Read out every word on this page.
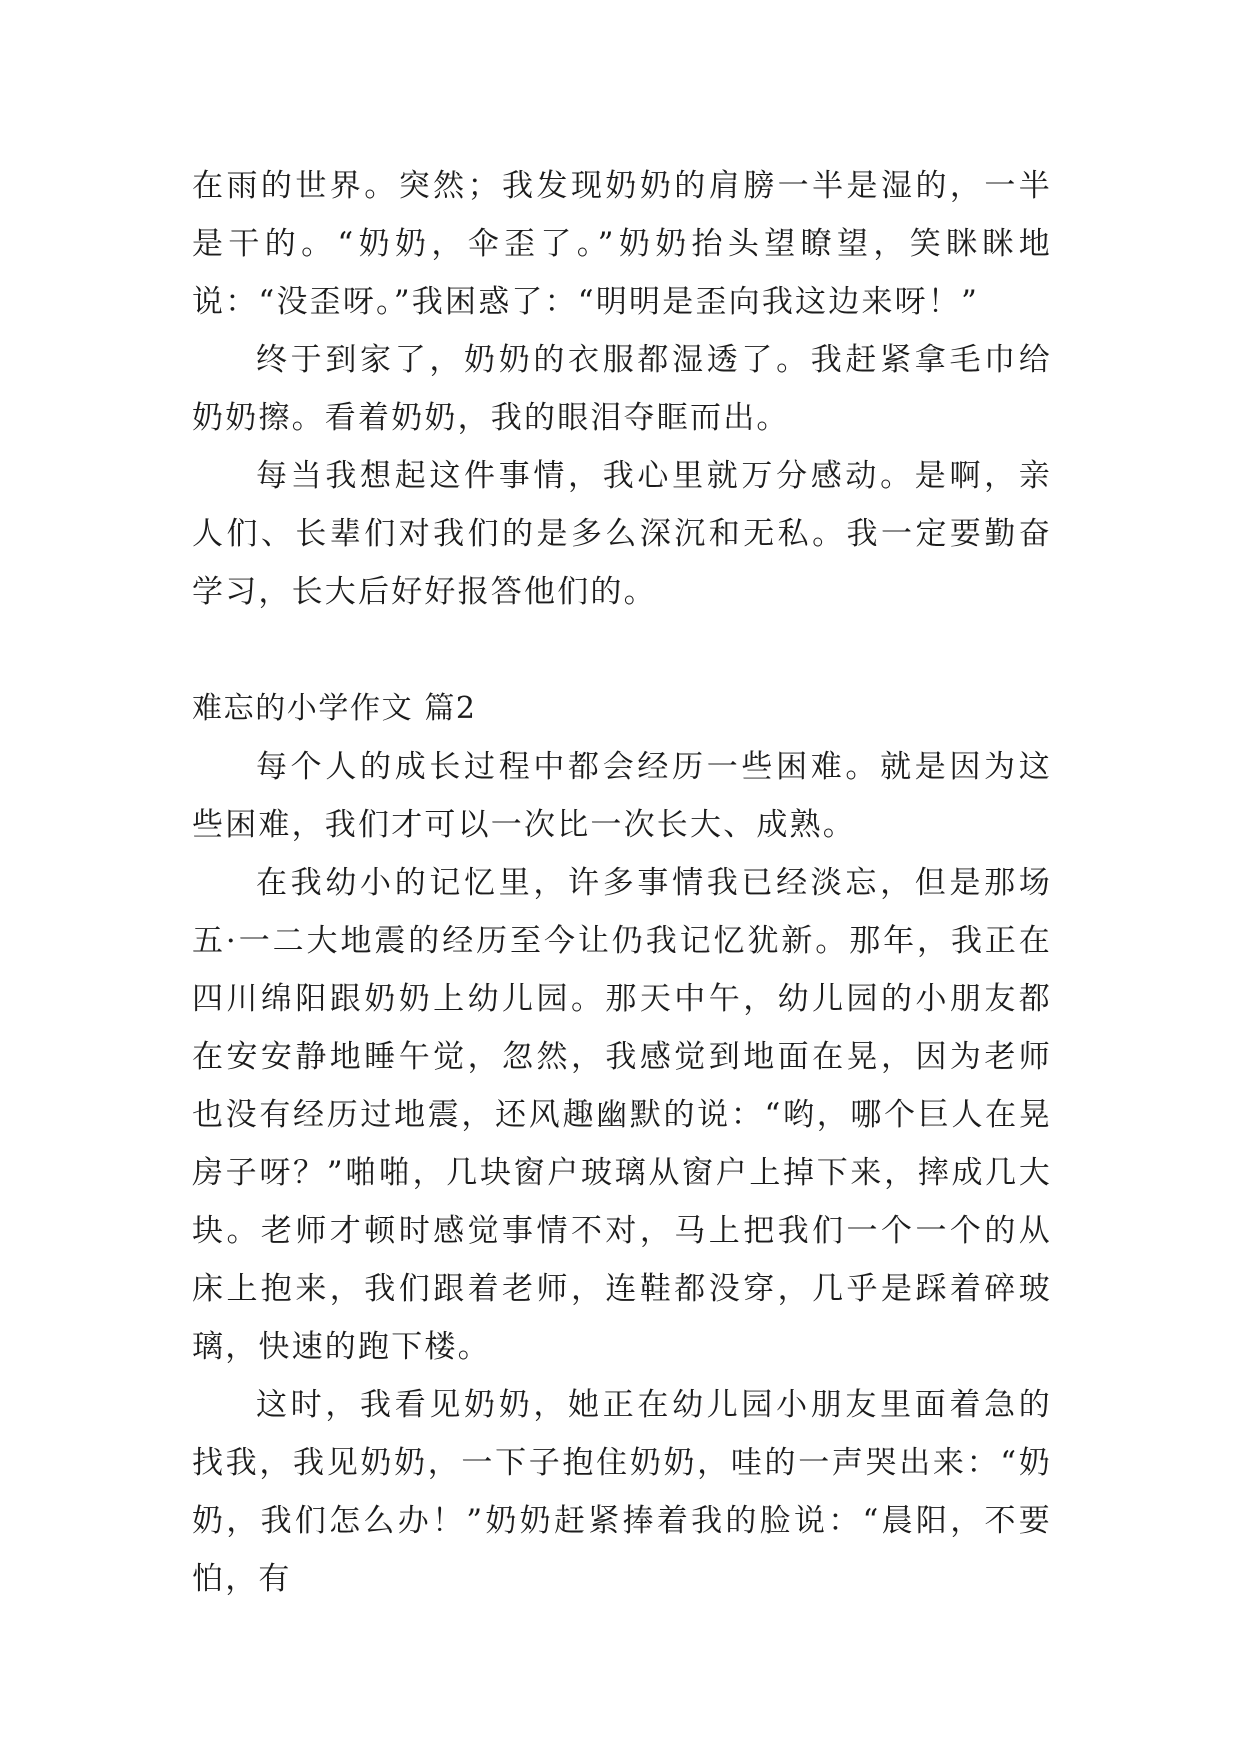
在雨的世界。突然；我发现奶奶的肩膀一半是湿的，一半是干的。“奶奶，伞歪了。”奶奶抬头望瞭望，笑眯眯地说：“没歪呀。”我困惑了：“明明是歪向我这边来呀！”

终于到家了，奶奶的衣服都湿透了。我赶紧拿毛巾给奶奶擦。看着奶奶，我的眼泪夺眶而出。

每当我想起这件事情，我心里就万分感动。是啊，亲人们、长辈们对我们的是多么深沉和无私。我一定要勤奋学习，长大后好好报答他们的。

难忘的小学作文 篇2

每个人的成长过程中都会经历一些困难。就是因为这些困难，我们才可以一次比一次长大、成熟。

在我幼小的记忆里，许多事情我已经淡忘，但是那场五·一二大地震的经历至今让仍我记忆犹新。那年，我正在四川绵阳跟奶奶上幼儿园。那天中午，幼儿园的小朋友都在安安静地睡午觉，忽然，我感觉到地面在晃，因为老师也没有经历过地震，还风趣幽默的说：“哟，哪个巨人在晃房子呀？”啪啪，几块窗户玻璃从窗户上掉下来，摔成几大块。老师才顿时感觉事情不对，马上把我们一个一个的从床上抱来，我们跟着老师，连鞋都没穿，几乎是踩着碎玻璃，快速的跑下楼。

这时，我看见奶奶，她正在幼儿园小朋友里面着急的找我，我见奶奶，一下子抱住奶奶，哇的一声哭出来：“奶奶，我们怎么办！”奶奶赶紧捧着我的脸说：“晨阳，不要怕，有
